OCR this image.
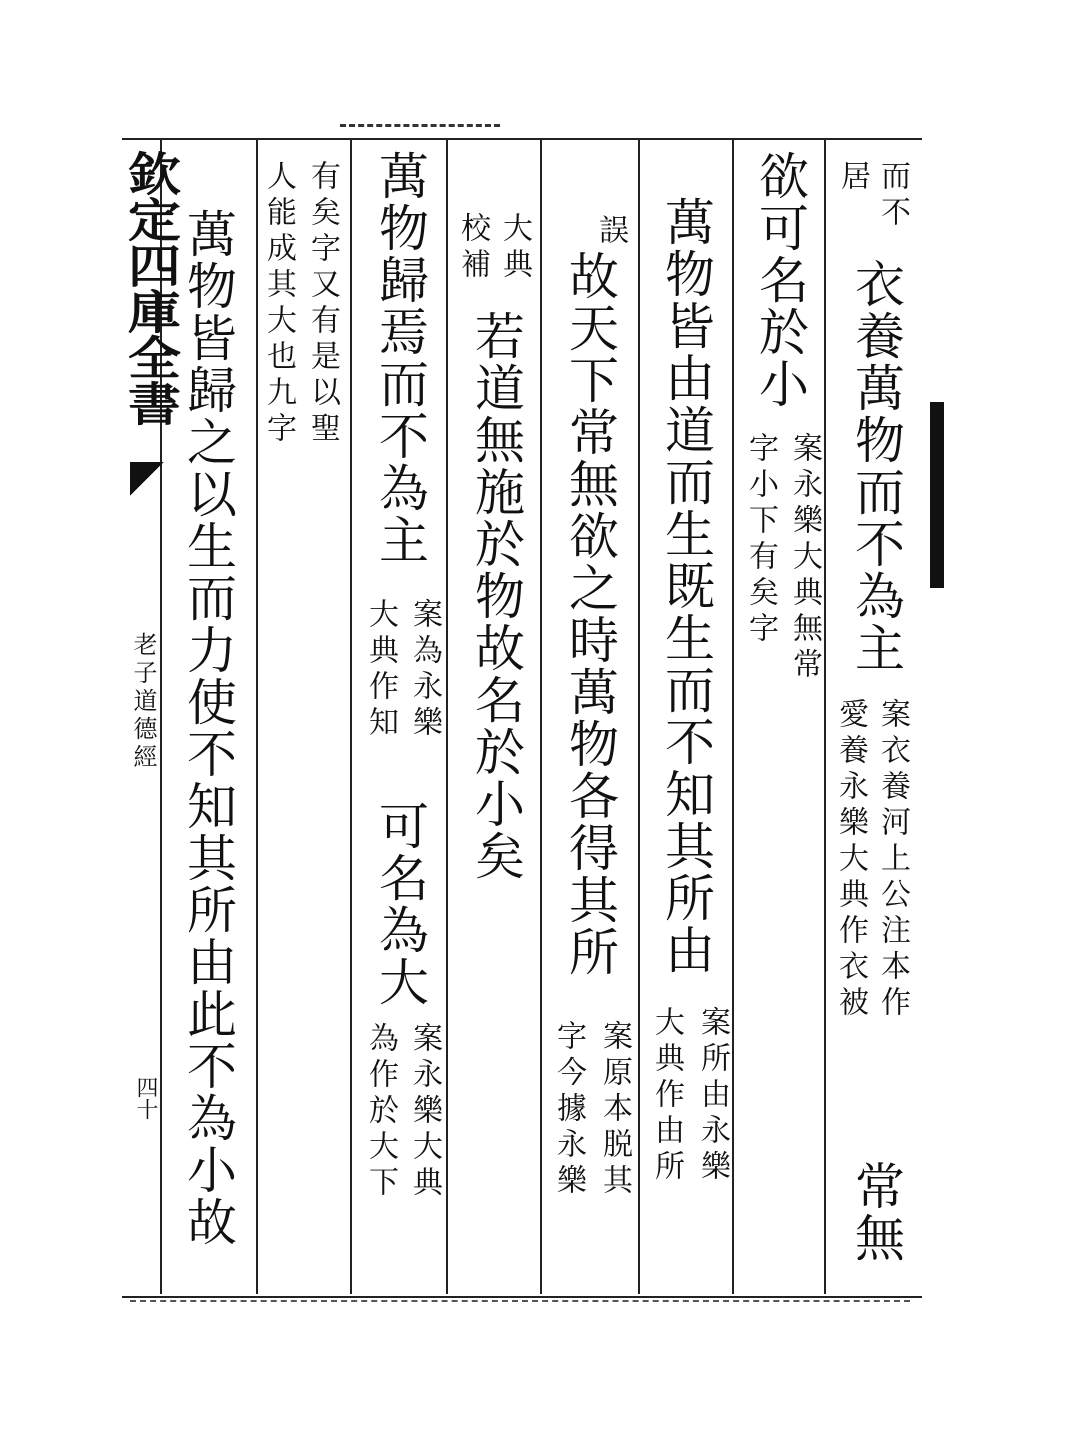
欽定四庫全書
老子道德經
四十
而不
居
衣養萬物而不為主
案衣養河上公注本作
愛養永樂大典作衣被
常無
欲可名於小
案永樂大典無常
字小下有矣字
萬物皆由道而生既生而不知其所由
案所由永樂
大典作由所
誤
故天下常無欲之時萬物各得其所
案原本脱其
字今據永樂
大典
校補
若道無施於物故名於小矣
萬物歸焉而不為主
案為永樂
大典作知
可名為大
案永樂大典
為作於大下
有矣字又有是以聖
人能成其大也九字
萬物皆歸之以生而力使不知其所由此不為小故
